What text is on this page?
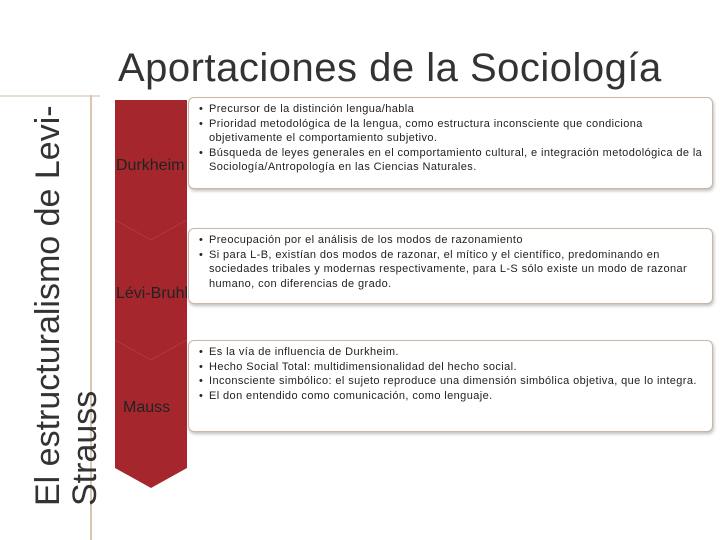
El estructuralismo de Levi- Strauss
Aportaciones de la Sociología
Durkheim
• Precursor de la distinción lengua/habla
• Prioridad metodológica de la lengua, como estructura inconsciente que condiciona objetivamente el comportamiento subjetivo.
• Búsqueda de leyes generales en el comportamiento cultural, e integración metodológica de la Sociología/Antropología en las Ciencias Naturales.
Lévi-Bruhl
• Preocupación por el análisis de los modos de razonamiento
• Si para L-B, existían dos modos de razonar, el mítico y el científico, predominando en sociedades tribales y modernas respectivamente, para L-S sólo existe un modo de razonar humano, con diferencias de grado.
Mauss
• Es la vía de influencia de Durkheim.
• Hecho Social Total: multidimensionalidad del hecho social.
• Inconsciente simbólico: el sujeto reproduce una dimensión simbólica objetiva, que lo integra.
• El don entendido como comunicación, como lenguaje.
